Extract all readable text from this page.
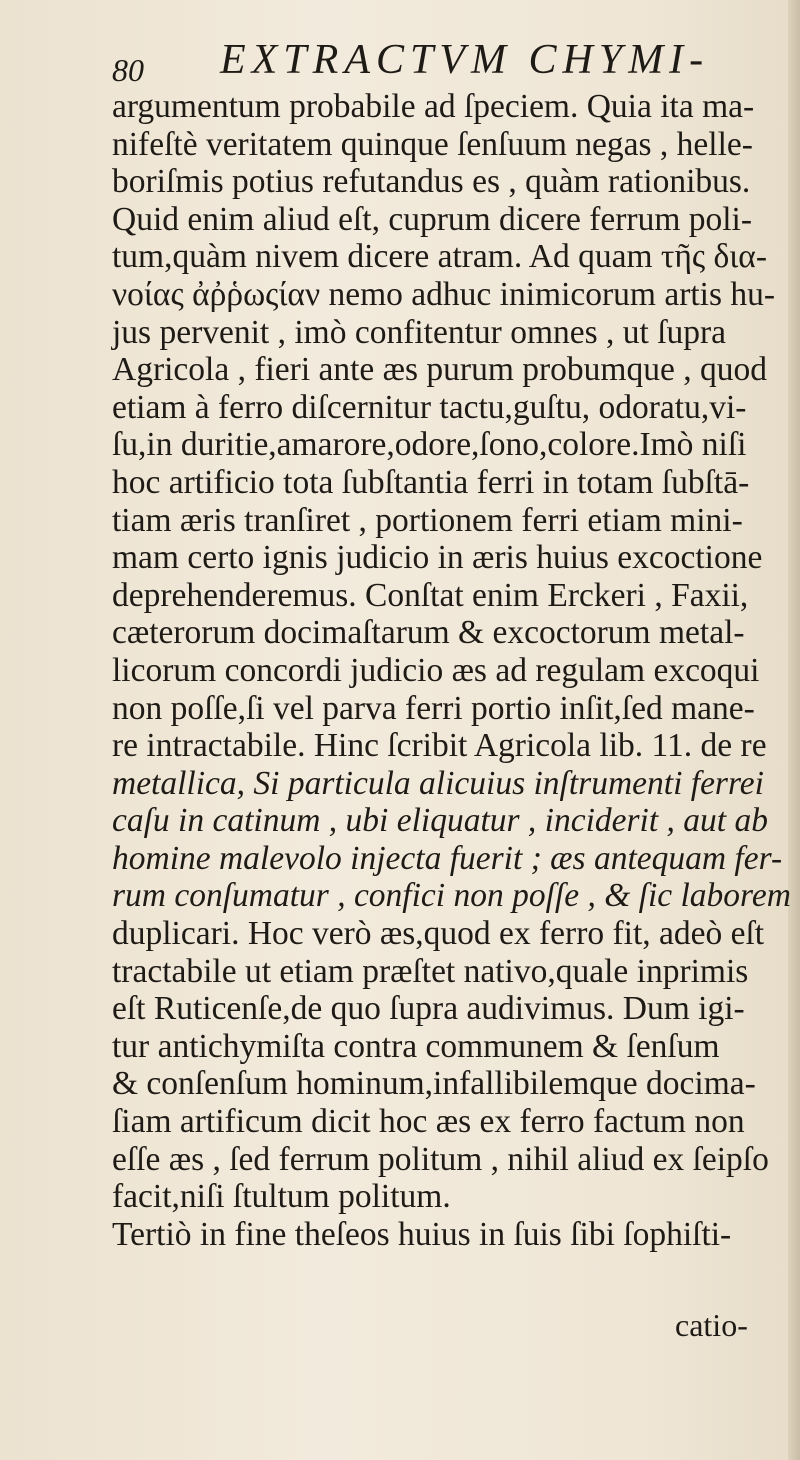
80 EXTRACTVM CHYMI-
argumentum probabile ad ſpeciem. Quia ita ma-
nifeſtè veritatem quinque ſenſuum negas , helle-
boriſmis potius refutandus es , quàm rationibus.
Quid enim aliud eſt, cuprum dicere ferrum poli-
tum,quàm nivem dicere atram. Ad quam τῆς δια-
νοίας ἀῤῥωςίαν nemo adhuc inimicorum artis hu-
jus pervenit , imò confitentur omnes , ut ſupra
Agricola , fieri ante æs purum probumque , quod
etiam à ferro diſcernitur tactu,guſtu, odoratu,vi-
ſu,in duritie,amarore,odore,ſono,colore.Imò niſi
hoc artificio tota ſubſtantia ferri in totam ſubſtā-
tiam æris tranſiret , portionem ferri etiam mini-
mam certo ignis judicio in æris huius excoctione
deprehenderemus. Conſtat enim Erckeri , Faxii,
cæterorum docimaſtarum & excoctorum metal-
licorum concordi judicio æs ad regulam excoqui
non poſſe,ſi vel parva ferri portio inſit,ſed mane-
re intractabile. Hinc ſcribit Agricola lib. 11. de re
metallica, Si particula alicuius inſtrumenti ferrei
caſu in catinum , ubi eliquatur , inciderit , aut ab
homine malevolo injecta fuerit ; æs antequam fer-
rum conſumatur , confici non poſſe , & ſic laborem
duplicari. Hoc verò æs,quod ex ferro fit, adeò eſt
tractabile ut etiam præſtet nativo,quale inprimis
eſt Ruticenſe,de quo ſupra audivimus. Dum igi-
tur antichymiſta contra communem & ſenſum
& conſenſum hominum,infallibilemque docima-
ſiam artificum dicit hoc æs ex ferro factum non
eſſe æs , ſed ferrum politum , nihil aliud ex ſeipſo
facit,niſi ſtultum politum.
Tertiò in fine theſeos huius in ſuis ſibi ſophiſti-
catio-
